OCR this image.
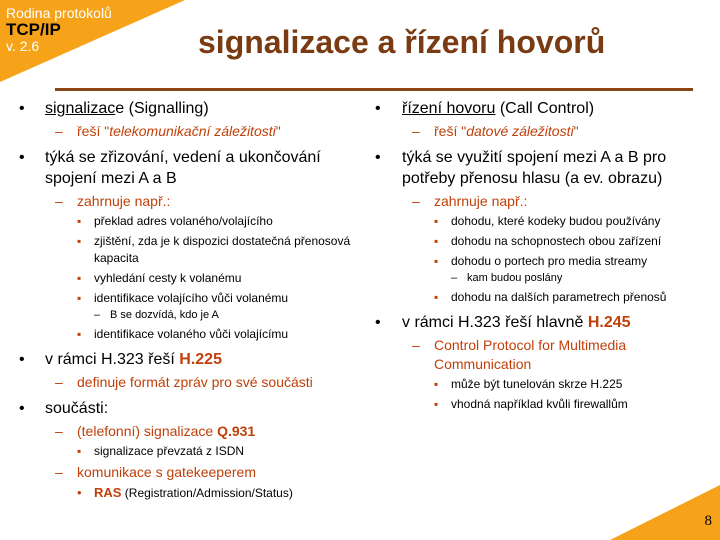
Rodina protokolů
TCP/IP
v. 2.6	signalizace a řízení hovorů
• signalizace (Signalling)
– řeší "telekomunikační záležitosti"
• týká se zřizování, vedení a ukončování spojení mezi A a B
– zahrnuje např.:
▪ překlad adres volaného/volajícího
▪ zjištění, zda je k dispozici dostatečná přenosová kapacita
▪ vyhledání cesty k volanému
▪ identifikace volajícího vůči volanému
– B se dozvídá, kdo je A
▪ identifikace volaného vůči volajícímu
• v rámci H.323 řeší H.225
– definuje formát zpráv pro své součásti
• součásti:
– (telefonní) signalizace Q.931
▪ signalizace převzatá z ISDN
– komunikace s gatekeeperem
• RAS (Registration/Admission/Status)
• řízení hovoru (Call Control)
– řeší "datové záležitosti"
• týká se využití spojení mezi A a B pro potřeby přenosu hlasu (a ev. obrazu)
– zahrnuje např.:
▪ dohodu, které kodeky budou používány
▪ dohodu na schopnostech obou zařízení
▪ dohodu o portech pro media streamy
– kam budou poslány
▪ dohodu na dalších parametrech přenosů
• v rámci H.323 řeší hlavně H.245
– Control Protocol for Multimedia Communication
▪ může být tunelován skrze H.225
▪ vhodná například kvůli firewallům
8
